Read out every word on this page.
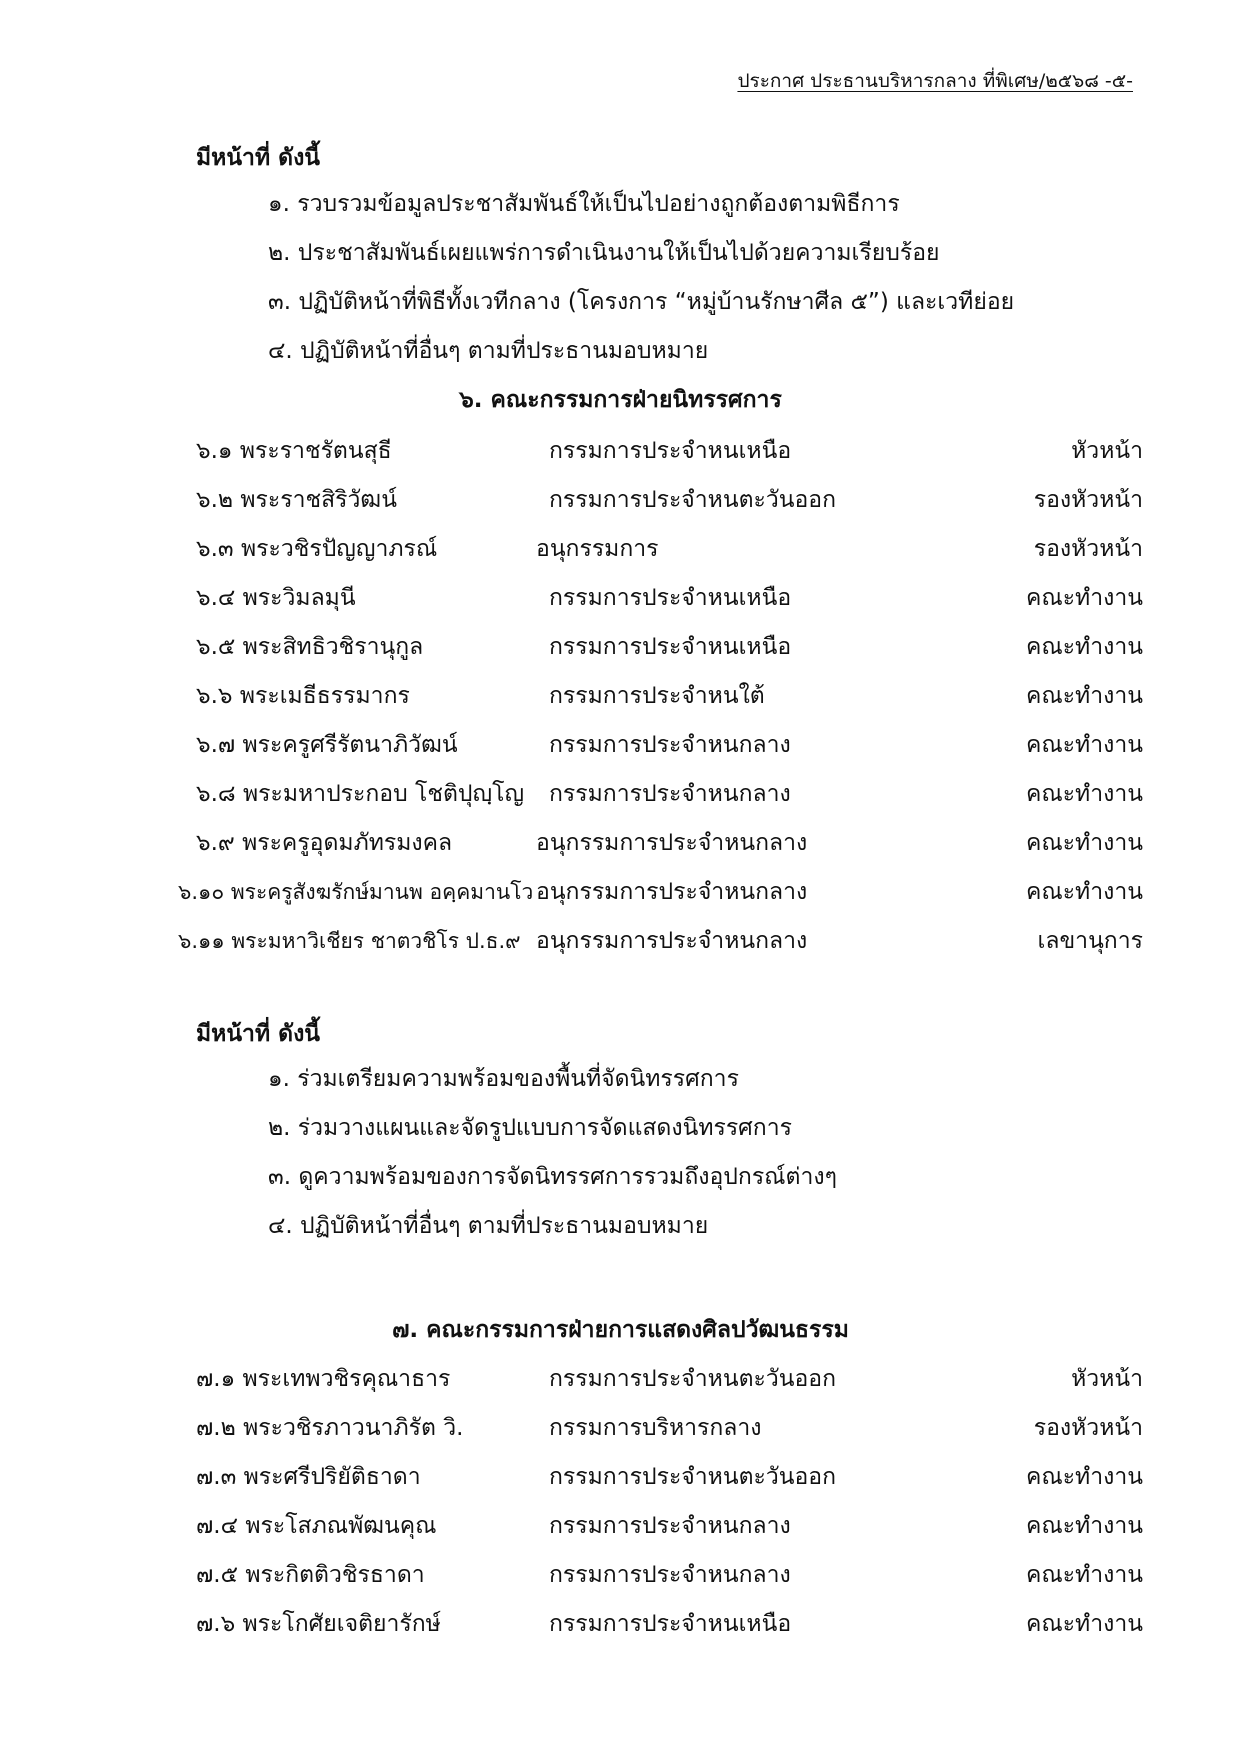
ประกาศ ประธานบริหารกลาง ที่พิเศษ/๒๕๖๘ -๕-
มีหน้าที่ ดังนี้
๑. รวบรวมข้อมูลประชาสัมพันธ์ให้เป็นไปอย่างถูกต้องตามพิธีการ
๒. ประชาสัมพันธ์เผยแพร่การดำเนินงานให้เป็นไปด้วยความเรียบร้อย
๓. ปฏิบัติหน้าที่พิธีทั้งเวทีกลาง (โครงการ “หมู่บ้านรักษาศีล ๕”) และเวทีย่อย
๔. ปฏิบัติหน้าที่อื่นๆ ตามที่ประธานมอบหมาย
๖. คณะกรรมการฝ่ายนิทรรศการ
๖.๑ พระราชรัตนสุธี	กรรมการประจำหนเหนือ	หัวหน้า
๖.๒ พระราชสิริวัฒน์	กรรมการประจำหนตะวันออก	รองหัวหน้า
๖.๓ พระวชิรปัญญาภรณ์	อนุกรรมการ	รองหัวหน้า
๖.๔ พระวิมลมุนี	กรรมการประจำหนเหนือ	คณะทำงาน
๖.๕ พระสิทธิวชิรานุกูล	กรรมการประจำหนเหนือ	คณะทำงาน
๖.๖ พระเมธีธรรมากร	กรรมการประจำหนใต้	คณะทำงาน
๖.๗ พระครูศรีรัตนาภิวัฒน์	กรรมการประจำหนกลาง	คณะทำงาน
๖.๘ พระมหาประกอบ โชติปุญฺโญ กรรมการประจำหนกลาง	คณะทำงาน
๖.๙ พระครูอุดมภัทรมงคล	อนุกรรมการประจำหนกลาง	คณะทำงาน
๖.๑๐ พระครูสังฆรักษ์มานพ อคฺคมานโว อนุกรรมการประจำหนกลาง	คณะทำงาน
๖.๑๑ พระมหาวิเชียร ชาตวชิโร ป.ธ.๙ อนุกรรมการประจำหนกลาง	เลขานุการ
มีหน้าที่ ดังนี้
๑. ร่วมเตรียมความพร้อมของพื้นที่จัดนิทรรศการ
๒. ร่วมวางแผนและจัดรูปแบบการจัดแสดงนิทรรศการ
๓. ดูความพร้อมของการจัดนิทรรศการรวมถึงอุปกรณ์ต่างๆ
๔. ปฏิบัติหน้าที่อื่นๆ ตามที่ประธานมอบหมาย
๗. คณะกรรมการฝ่ายการแสดงศิลปวัฒนธรรม
๗.๑ พระเทพวชิรคุณาธาร	กรรมการประจำหนตะวันออก	หัวหน้า
๗.๒ พระวชิรภาวนาภิรัต วิ.	กรรมการบริหารกลาง	รองหัวหน้า
๗.๓ พระศรีปริยัติธาดา	กรรมการประจำหนตะวันออก	คณะทำงาน
๗.๔ พระโสภณพัฒนคุณ	กรรมการประจำหนกลาง	คณะทำงาน
๗.๕ พระกิตติวชิรธาดา	กรรมการประจำหนกลาง	คณะทำงาน
๗.๖ พระโกศัยเจติยารักษ์	กรรมการประจำหนเหนือ	คณะทำงาน
